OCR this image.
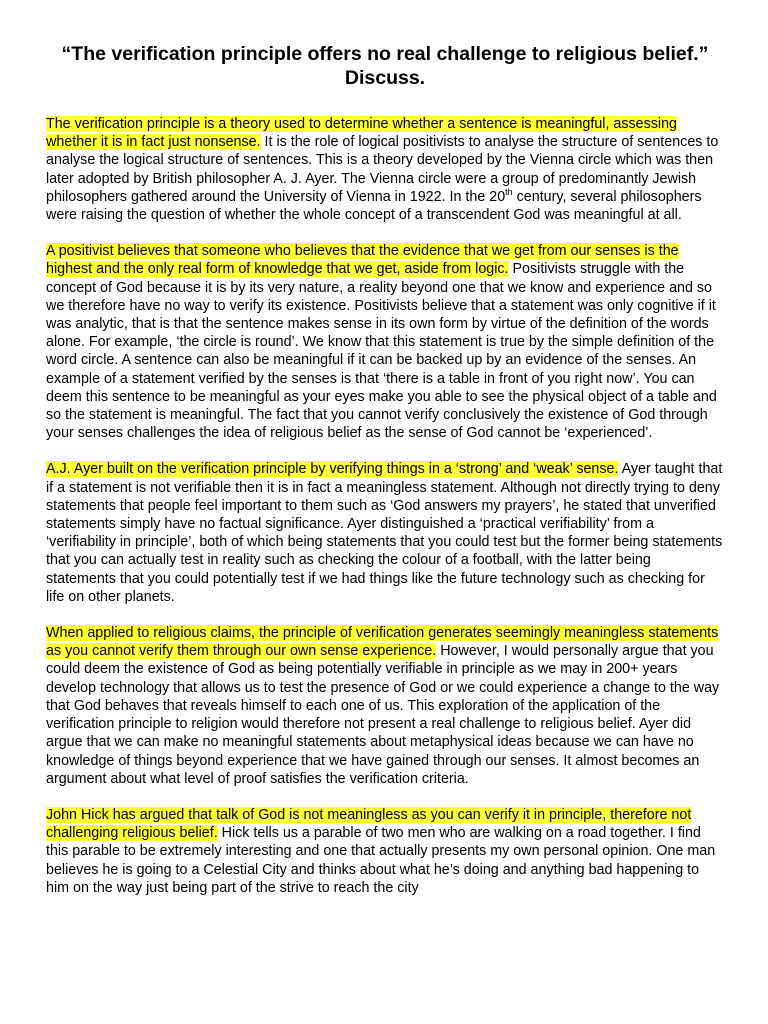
“The verification principle offers no real challenge to religious belief.” Discuss.

The verification principle is a theory used to determine whether a sentence is meaningful, assessing whether it is in fact just nonsense. It is the role of logical positivists to analyse the structure of sentences to analyse the logical structure of sentences. This is a theory developed by the Vienna circle which was then later adopted by British philosopher A. J. Ayer. The Vienna circle were a group of predominantly Jewish philosophers gathered around the University of Vienna in 1922. In the 20th century, several philosophers were raising the question of whether the whole concept of a transcendent God was meaningful at all.

A positivist believes that someone who believes that the evidence that we get from our senses is the highest and the only real form of knowledge that we get, aside from logic. Positivists struggle with the concept of God because it is by its very nature, a reality beyond one that we know and experience and so we therefore have no way to verify its existence. Positivists believe that a statement was only cognitive if it was analytic, that is that the sentence makes sense in its own form by virtue of the definition of the words alone. For example, ‘the circle is round’. We know that this statement is true by the simple definition of the word circle. A sentence can also be meaningful if it can be backed up by an evidence of the senses. An example of a statement verified by the senses is that ‘there is a table in front of you right now’. You can deem this sentence to be meaningful as your eyes make you able to see the physical object of a table and so the statement is meaningful. The fact that you cannot verify conclusively the existence of God through your senses challenges the idea of religious belief as the sense of God cannot be ‘experienced’.

A.J. Ayer built on the verification principle by verifying things in a ‘strong’ and ‘weak’ sense. Ayer taught that if a statement is not verifiable then it is in fact a meaningless statement. Although not directly trying to deny statements that people feel important to them such as ‘God answers my prayers’, he stated that unverified statements simply have no factual significance. Ayer distinguished a ‘practical verifiability’ from a ‘verifiability in principle’, both of which being statements that you could test but the former being statements that you can actually test in reality such as checking the colour of a football, with the latter being statements that you could potentially test if we had things like the future technology such as checking for life on other planets.

When applied to religious claims, the principle of verification generates seemingly meaningless statements as you cannot verify them through our own sense experience. However, I would personally argue that you could deem the existence of God as being potentially verifiable in principle as we may in 200+ years develop technology that allows us to test the presence of God or we could experience a change to the way that God behaves that reveals himself to each one of us. This exploration of the application of the verification principle to religion would therefore not present a real challenge to religious belief. Ayer did argue that we can make no meaningful statements about metaphysical ideas because we can have no knowledge of things beyond experience that we have gained through our senses. It almost becomes an argument about what level of proof satisfies the verification criteria.

John Hick has argued that talk of God is not meaningless as you can verify it in principle, therefore not challenging religious belief. Hick tells us a parable of two men who are walking on a road together. I find this parable to be extremely interesting and one that actually presents my own personal opinion. One man believes he is going to a Celestial City and thinks about what he’s doing and anything bad happening to him on the way just being part of the strive to reach the city
